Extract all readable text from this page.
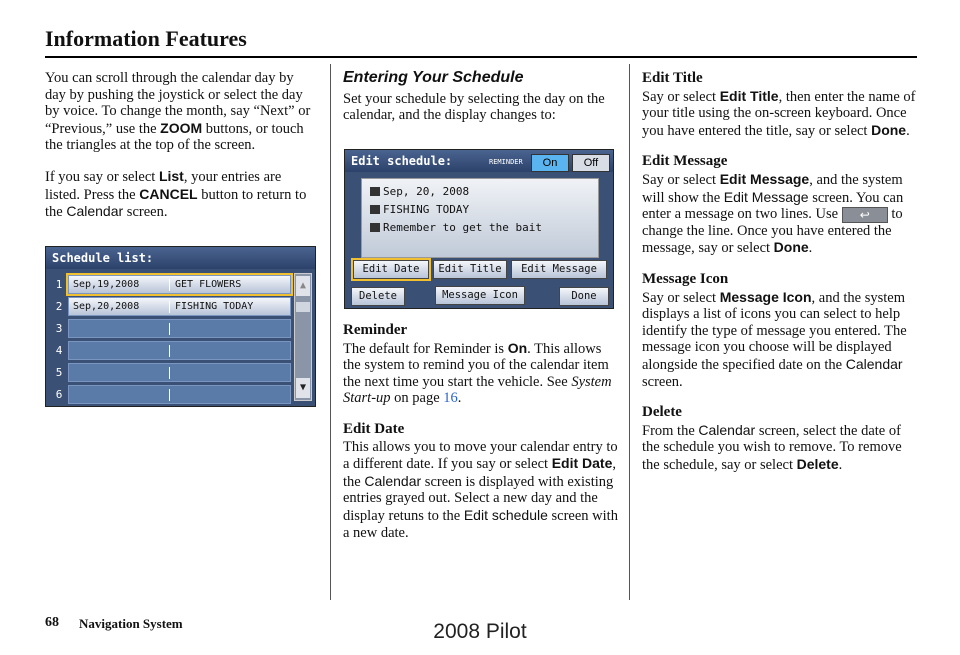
Information Features

You can scroll through the calendar day by day by pushing the joystick or select the day by voice. To change the month, say “Next” or “Previous,” use the ZOOM buttons, or touch the triangles at the top of the screen.

If you say or select List, your entries are listed. Press the CANCEL button to return to the Calendar screen.

Schedule list:
1	Sep,19,2008	GET FLOWERS
2	Sep,20,2008	FISHING TODAY
3
4
5
6
▲
▼
Entering Your Schedule

Set your schedule by selecting the day on the calendar, and the display changes to:

Edit schedule:	REMINDER	On	Off
Sep, 20, 2008
FISHING TODAY
Remember to get the bait
Edit Date	Edit Title	Edit Message
Delete	Message Icon	Done
Reminder

The default for Reminder is On. This allows the system to remind you of the calendar item the next time you start the vehicle. See System Start-up on page 16.

Edit Date

This allows you to move your calendar entry to a different date. If you say or select Edit Date, the Calendar screen is displayed with existing entries grayed out. Select a new day and the display retuns to the Edit schedule screen with a new date.

Edit Title

Say or select Edit Title, then enter the name of your title using the on-screen keyboard. Once you have entered the title, say or select Done.

Edit Message

Say or select Edit Message, and the system will show the Edit Message screen. You can enter a message on two lines. Use ↩ to change the line. Once you have entered the message, say or select Done.

Message Icon

Say or select Message Icon, and the system displays a list of icons you can select to help identify the type of message you entered. The message icon you choose will be displayed alongside the specified date on the Calendar screen.

Delete

From the Calendar screen, select the date of the schedule you wish to remove. To remove the schedule, say or select Delete.

68 Navigation System	2008 Pilot
